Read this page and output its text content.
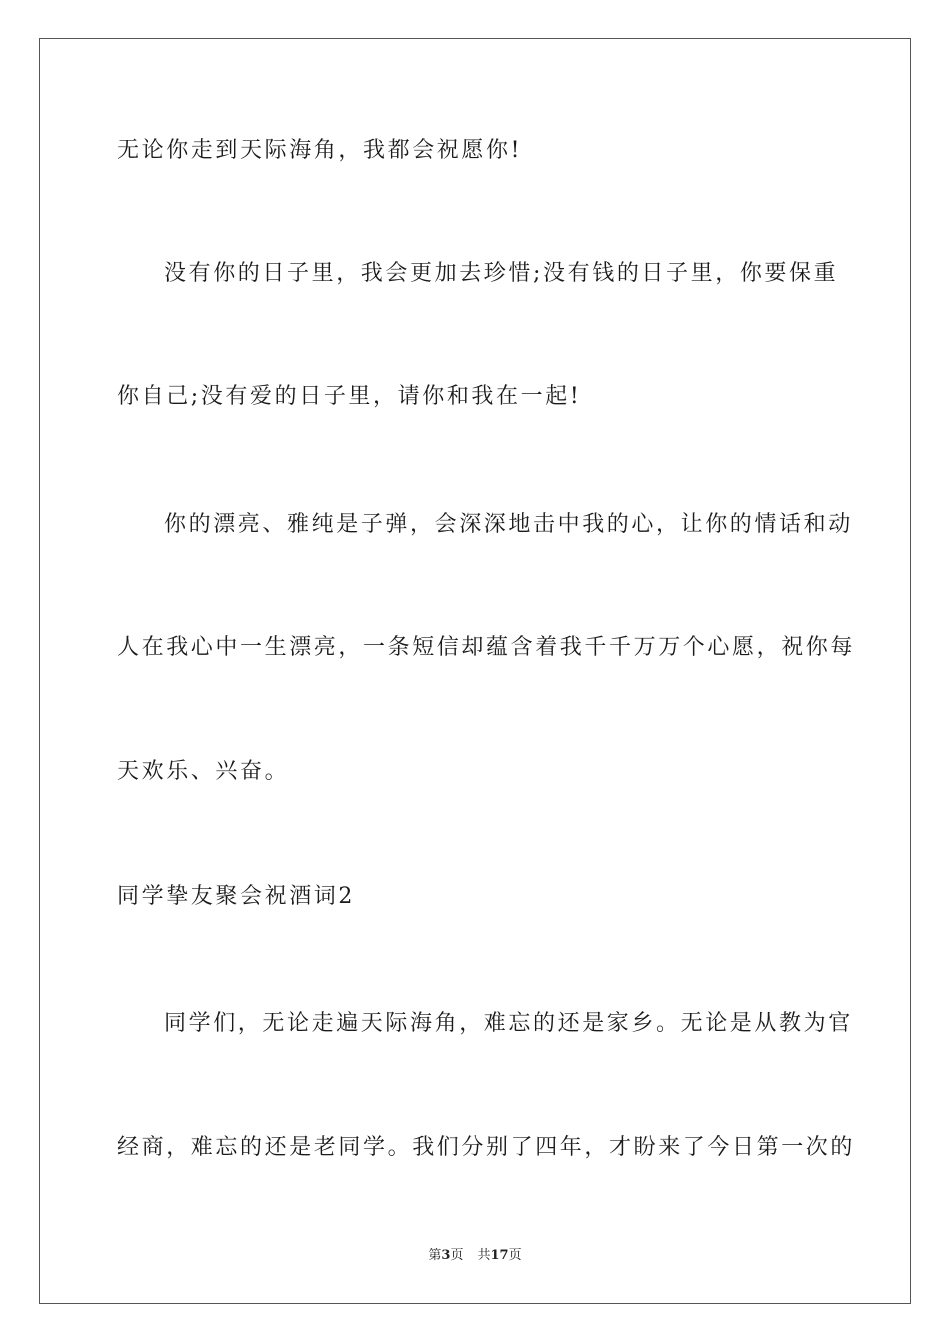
无论你走到天际海角，我都会祝愿你!
没有你的日子里，我会更加去珍惜;没有钱的日子里，你要保重
你自己;没有爱的日子里，请你和我在一起!
你的漂亮、雅纯是子弹，会深深地击中我的心，让你的情话和动
人在我心中一生漂亮，一条短信却蕴含着我千千万万个心愿，祝你每
天欢乐、兴奋。
同学挚友聚会祝酒词2
同学们，无论走遍天际海角，难忘的还是家乡。无论是从教为官
经商，难忘的还是老同学。我们分别了四年，才盼来了今日第一次的
第3页 共17页
